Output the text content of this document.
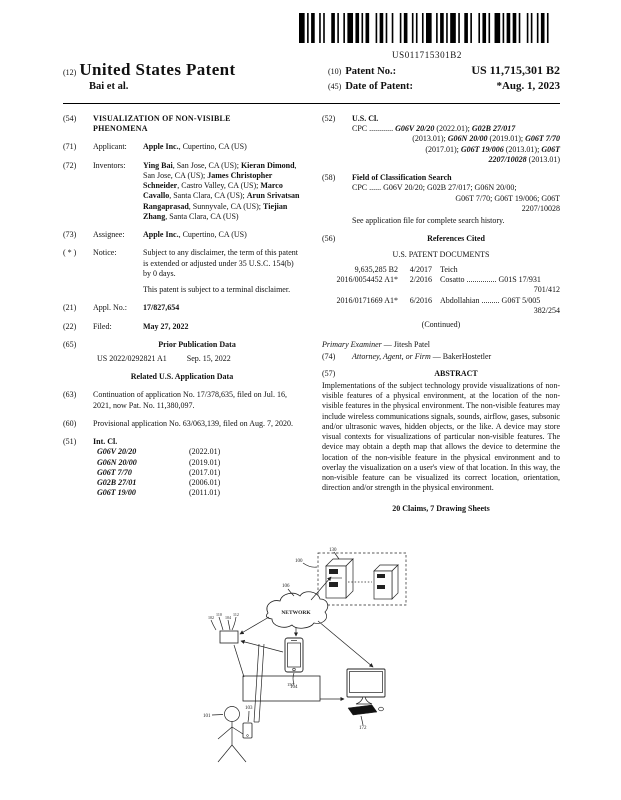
US011715301B2
(12) United States Patent
Bai et al.
(10) Patent No.:	US 11,715,301 B2
(45) Date of Patent:	*Aug. 1, 2023
(54)	VISUALIZATION OF NON-VISIBLE PHENOMENA
(71)	Applicant:	Apple Inc., Cupertino, CA (US)
(72)	Inventors:	Ying Bai, San Jose, CA (US); Kieran Dimond, San Jose, CA (US); James Christopher Schneider, Castro Valley, CA (US); Marco Cavallo, Santa Clara, CA (US); Arun Srivatsan Rangaprasad, Sunnyvale, CA (US); Tiejian Zhang, Santa Clara, CA (US)
(73)	Assignee:	Apple Inc., Cupertino, CA (US)
( * )	Notice:	Subject to any disclaimer, the term of this patent is extended or adjusted under 35 U.S.C. 154(b) by 0 days.
This patent is subject to a terminal disclaimer.
(21)	Appl. No.:	17/827,654
(22)	Filed:	May 27, 2022
(65)	Prior Publication Data
US 2022/0292821 A1	Sep. 15, 2022
Related U.S. Application Data
(63)	Continuation of application No. 17/378,635, filed on Jul. 16, 2021, now Pat. No. 11,380,097.
(60)	Provisional application No. 63/063,139, filed on Aug. 7, 2020.
(51)	Int. Cl.
G06V 20/20	(2022.01)
G06N 20/00	(2019.01)
G06T 7/70	(2017.01)
G02B 27/01	(2006.01)
G06T 19/00	(2011.01)
(52)	U.S. Cl.
CPC ............ G06V 20/20 (2022.01); G02B 27/017
(2013.01); G06N 20/00 (2019.01); G06T 7/70
(2017.01); G06T 19/006 (2013.01); G06T
2207/10028 (2013.01)
(58)	Field of Classification Search
CPC ...... G06V 20/20; G02B 27/017; G06N 20/00;
G06T 7/70; G06T 19/006; G06T
2207/10028
See application file for complete search history.
(56)	References Cited
U.S. PATENT DOCUMENTS
9,635,285 B2	4/2017 Teich
2016/0054452 A1*	2/2016 Cosatto ............... G01S 17/931
701/412
2016/0171669 A1*	6/2016 Abdollahian ......... G06T 5/005
382/254
(Continued)
Primary Examiner — Jitesh Patel
(74)	Attorney, Agent, or Firm — BakerHostetler
(57)	ABSTRACT
Implementations of the subject technology provide visualizations of non-visible features of a physical environment, at the location of the non-visible features in the physical environment. The non-visible features may include wireless communications signals, sounds, airflow, gases, subsonic and/or ultrasonic waves, hidden objects, or the like. A device may store visual contexts for visualizations of particular non-visible features. The device may obtain a depth map that allows the device to determine the location of the non-visible feature in the physical environment and to overlay the visualization on a user's view of that location. In this way, the non-visible feature can be visualized its correct location, orientation, direction and/or strength in the physical environment.
20 Claims, 7 Drawing Sheets
100
130
NETWORK
106
102
110
104
112
104
172
150
101
103
